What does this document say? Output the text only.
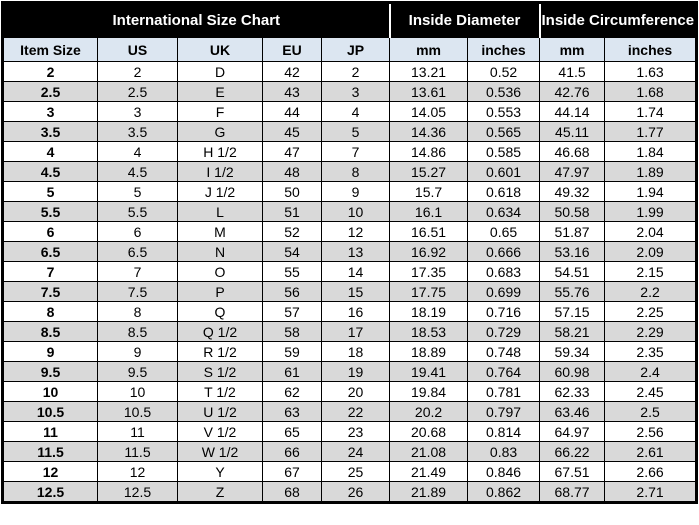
International Size Chart					Inside Diameter		Inside Circumference	
Item Size	US	UK	EU	JP	mm	inches	mm	inches
2	2	D	42	2	13.21	0.52	41.5	1.63
2.5	2.5	E	43	3	13.61	0.536	42.76	1.68
3	3	F	44	4	14.05	0.553	44.14	1.74
3.5	3.5	G	45	5	14.36	0.565	45.11	1.77
4	4	H 1/2	47	7	14.86	0.585	46.68	1.84
4.5	4.5	I 1/2	48	8	15.27	0.601	47.97	1.89
5	5	J 1/2	50	9	15.7	0.618	49.32	1.94
5.5	5.5	L	51	10	16.1	0.634	50.58	1.99
6	6	M	52	12	16.51	0.65	51.87	2.04
6.5	6.5	N	54	13	16.92	0.666	53.16	2.09
7	7	O	55	14	17.35	0.683	54.51	2.15
7.5	7.5	P	56	15	17.75	0.699	55.76	2.2
8	8	Q	57	16	18.19	0.716	57.15	2.25
8.5	8.5	Q 1/2	58	17	18.53	0.729	58.21	2.29
9	9	R 1/2	59	18	18.89	0.748	59.34	2.35
9.5	9.5	S 1/2	61	19	19.41	0.764	60.98	2.4
10	10	T 1/2	62	20	19.84	0.781	62.33	2.45
10.5	10.5	U 1/2	63	22	20.2	0.797	63.46	2.5
11	11	V 1/2	65	23	20.68	0.814	64.97	2.56
11.5	11.5	W 1/2	66	24	21.08	0.83	66.22	2.61
12	12	Y	67	25	21.49	0.846	67.51	2.66
12.5	12.5	Z	68	26	21.89	0.862	68.77	2.71
